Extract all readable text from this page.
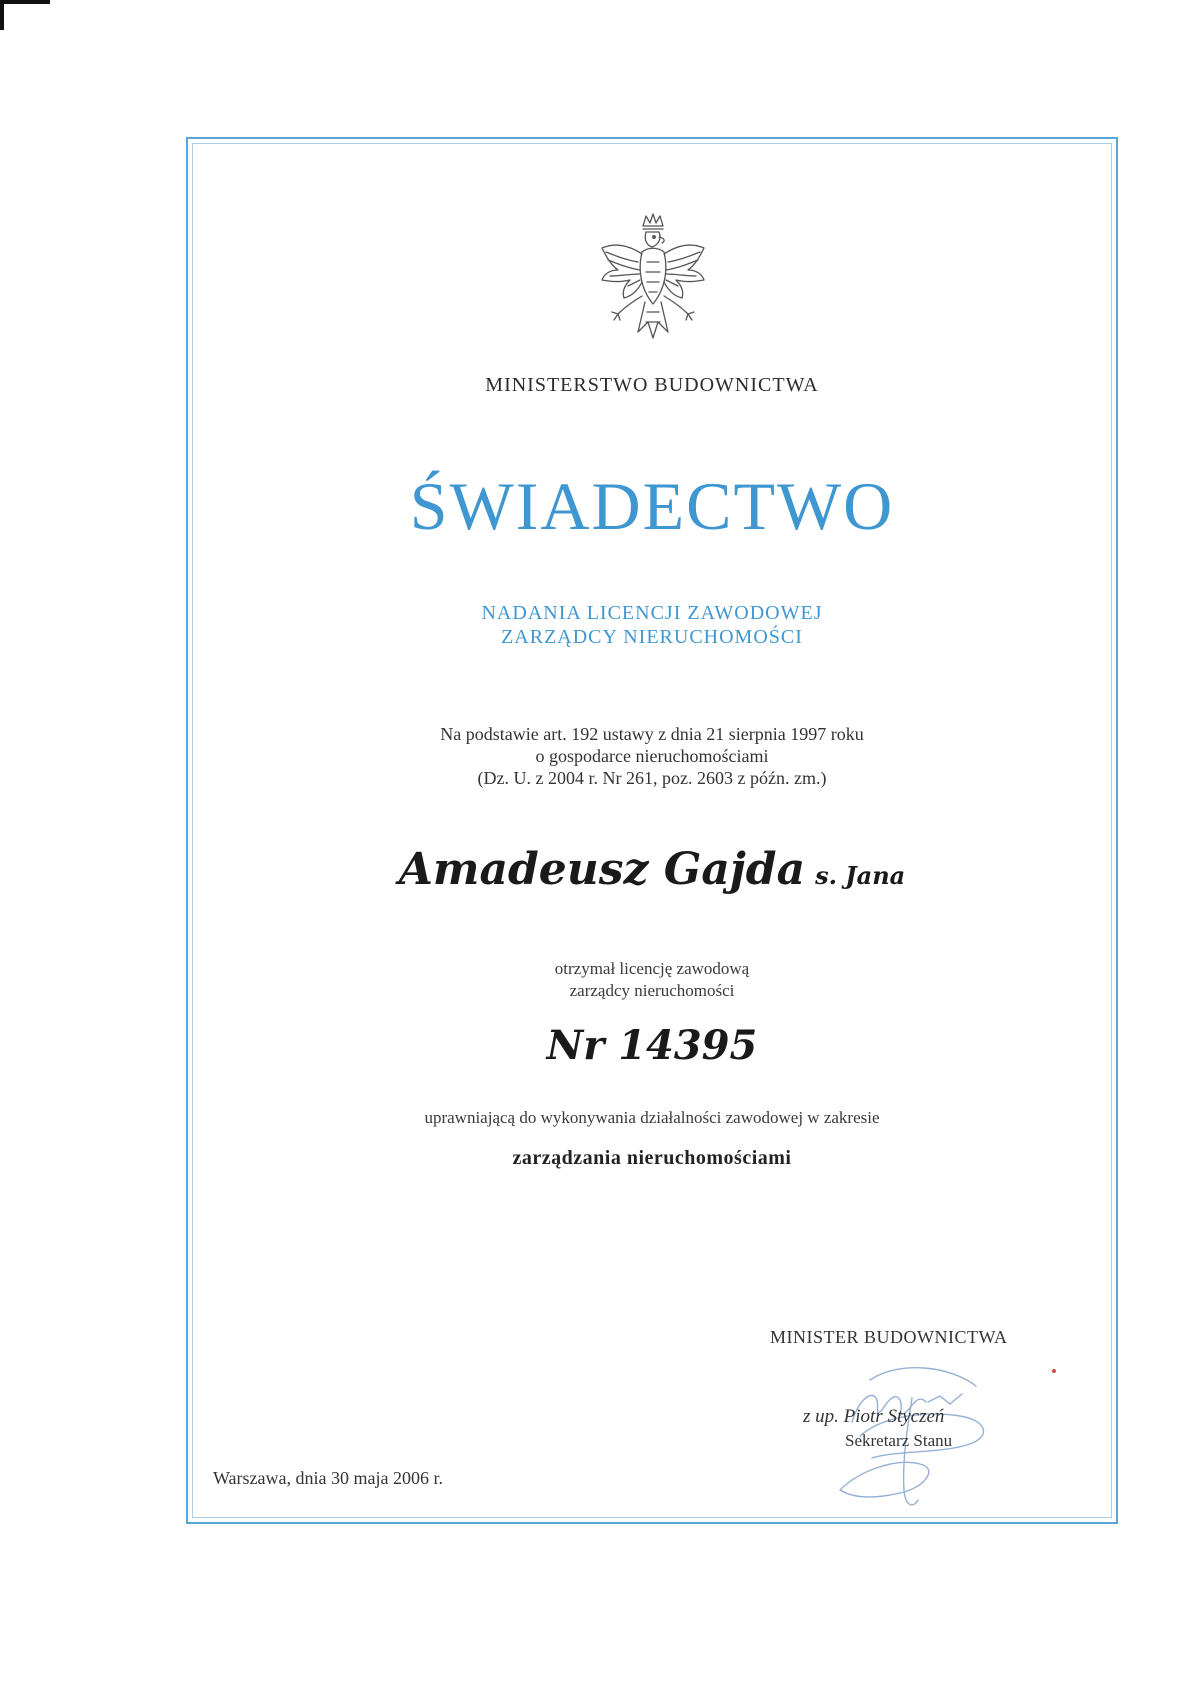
MINISTERSTWO BUDOWNICTWA
ŚWIADECTWO
NADANIA LICENCJI ZAWODOWEJ
ZARZĄDCY NIERUCHOMOŚCI
Na podstawie art. 192 ustawy z dnia 21 sierpnia 1997 roku
o gospodarce nieruchomościami
(Dz. U. z 2004 r. Nr 261, poz. 2603 z późn. zm.)
Amadeusz Gajda s. Jana
otrzymał licencję zawodową
zarządcy nieruchomości
Nr 14395
uprawniającą do wykonywania działalności zawodowej w zakresie
zarządzania nieruchomościami
MINISTER BUDOWNICTWA
z up. Piotr Styczeń
Sekretarz Stanu
Warszawa, dnia 30 maja 2006 r.
